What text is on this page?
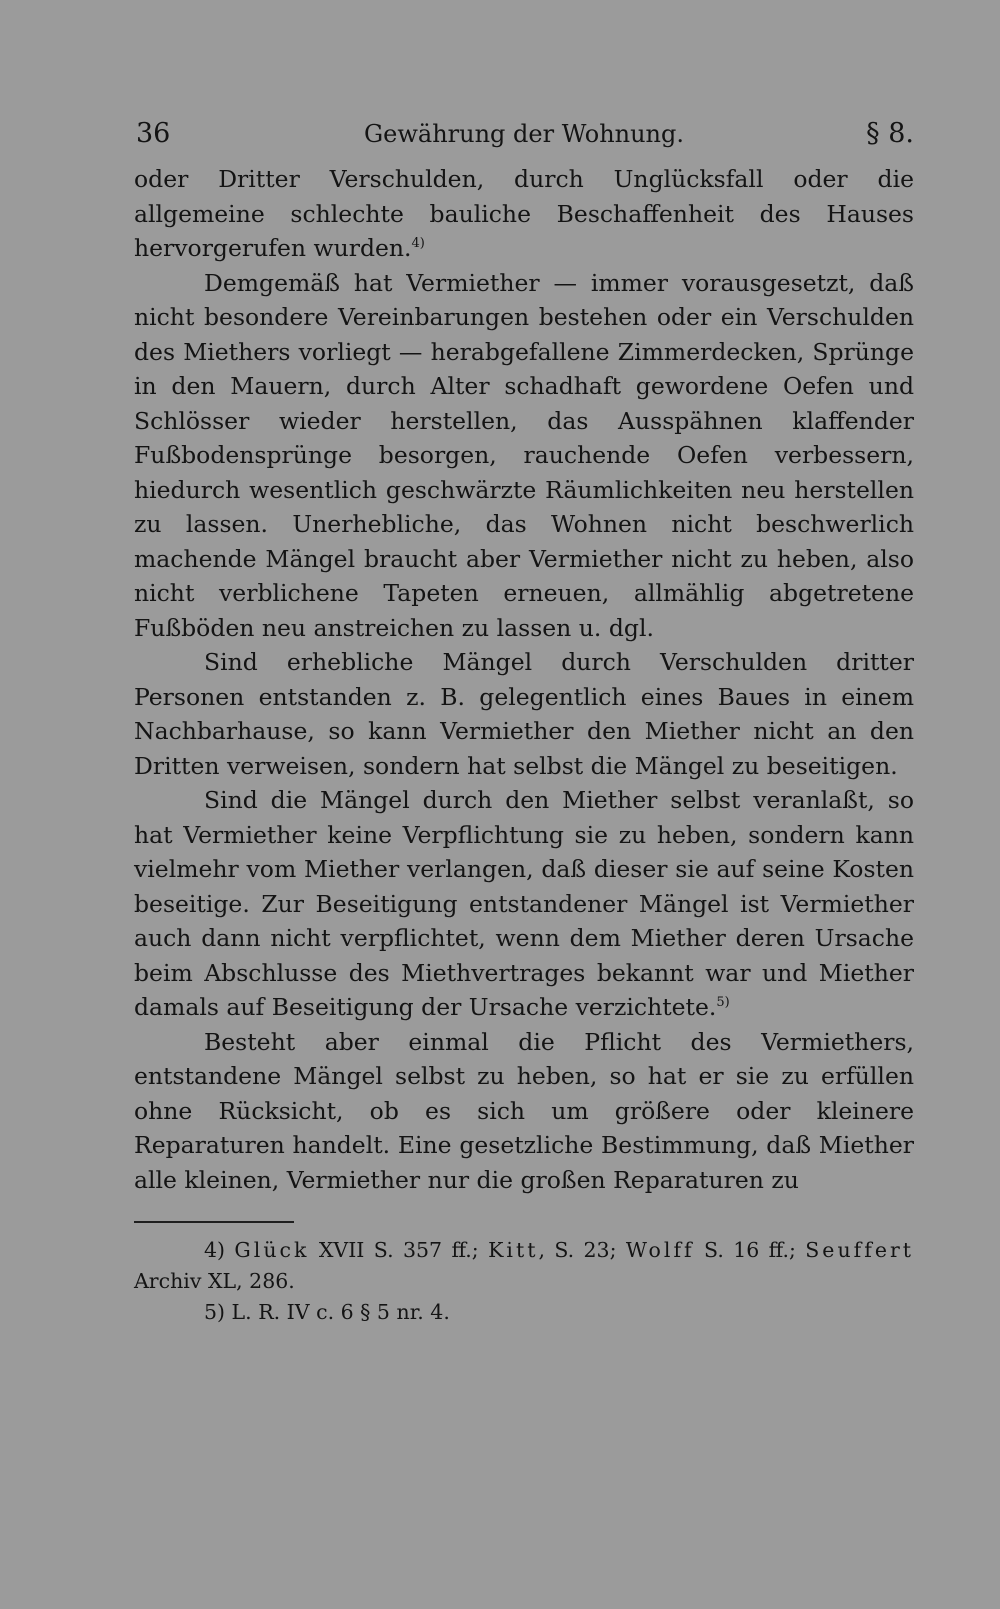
36	Gewährung der Wohnung.	§ 8.

oder Dritter Verschulden, durch Unglücksfall oder die allgemeine schlechte bauliche Beschaffenheit des Hauses hervorgerufen wurden.$^{4)}$

Demgemäß hat Vermiether — immer vorausgesetzt, daß nicht besondere Vereinbarungen bestehen oder ein Verschulden des Miethers vorliegt — herabgefallene Zimmerdecken, Sprünge in den Mauern, durch Alter schadhaft gewordene Oefen und Schlösser wieder herstellen, das Ausspähnen klaffender Fußbodensprünge besorgen, rauchende Oefen verbessern, hiedurch wesentlich geschwärzte Räumlichkeiten neu herstellen zu lassen. Unerhebliche, das Wohnen nicht beschwerlich machende Mängel braucht aber Vermiether nicht zu heben, also nicht verblichene Tapeten erneuen, allmählig abgetretene Fußböden neu anstreichen zu lassen u. dgl.

Sind erhebliche Mängel durch Verschulden dritter Personen entstanden z. B. gelegentlich eines Baues in einem Nachbarhause, so kann Vermiether den Miether nicht an den Dritten verweisen, sondern hat selbst die Mängel zu beseitigen.

Sind die Mängel durch den Miether selbst veranlaßt, so hat Vermiether keine Verpflichtung sie zu heben, sondern kann vielmehr vom Miether verlangen, daß dieser sie auf seine Kosten beseitige. Zur Beseitigung entstandener Mängel ist Vermiether auch dann nicht verpflichtet, wenn dem Miether deren Ursache beim Abschlusse des Miethvertrages bekannt war und Miether damals auf Beseitigung der Ursache verzichtete.$^{5)}$

Besteht aber einmal die Pflicht des Vermiethers, entstandene Mängel selbst zu heben, so hat er sie zu erfüllen ohne Rücksicht, ob es sich um größere oder kleinere Reparaturen handelt. Eine gesetzliche Bestimmung, daß Miether alle kleinen, Vermiether nur die großen Reparaturen zu

4) Glück XVII S. 357 ff.; Kitt, S. 23; Wolff S. 16 ff.; Seuffert Archiv XL, 286.

5) L. R. IV c. 6 § 5 nr. 4.
